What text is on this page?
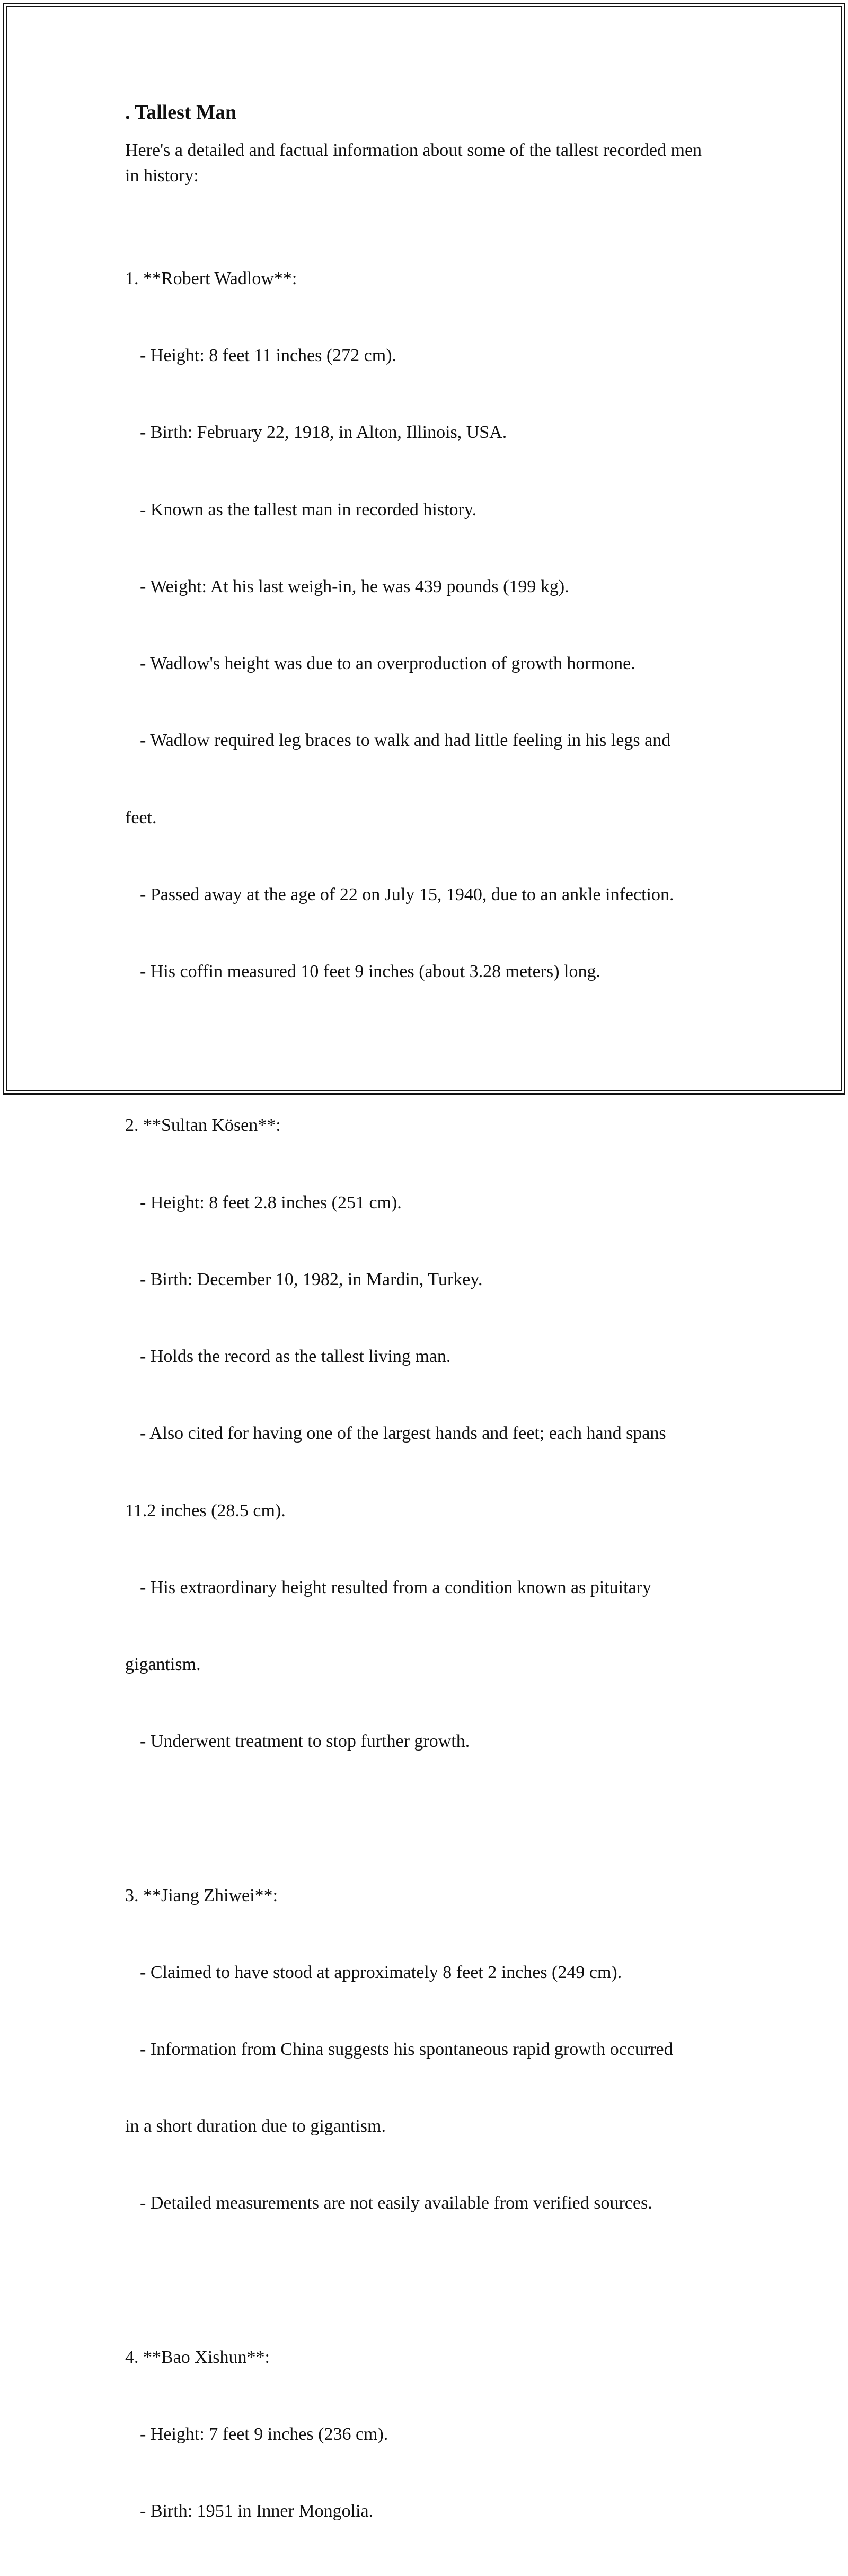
. Tallest Man

Here's a detailed and factual information about some of the tallest recorded men in history:

1. **Robert Wadlow**:

- Height: 8 feet 11 inches (272 cm).

- Birth: February 22, 1918, in Alton, Illinois, USA.

- Known as the tallest man in recorded history.

- Weight: At his last weigh-in, he was 439 pounds (199 kg).

- Wadlow's height was due to an overproduction of growth hormone.

- Wadlow required leg braces to walk and had little feeling in his legs and

feet.

- Passed away at the age of 22 on July 15, 1940, due to an ankle infection.

- His coffin measured 10 feet 9 inches (about 3.28 meters) long.

2. **Sultan Kösen**:

- Height: 8 feet 2.8 inches (251 cm).

- Birth: December 10, 1982, in Mardin, Turkey.

- Holds the record as the tallest living man.

- Also cited for having one of the largest hands and feet; each hand spans

11.2 inches (28.5 cm).

- His extraordinary height resulted from a condition known as pituitary

gigantism.

- Underwent treatment to stop further growth.

3. **Jiang Zhiwei**:

- Claimed to have stood at approximately 8 feet 2 inches (249 cm).

- Information from China suggests his spontaneous rapid growth occurred

in a short duration due to gigantism.

- Detailed measurements are not easily available from verified sources.

4. **Bao Xishun**:

- Height: 7 feet 9 inches (236 cm).

- Birth: 1951 in Inner Mongolia.
